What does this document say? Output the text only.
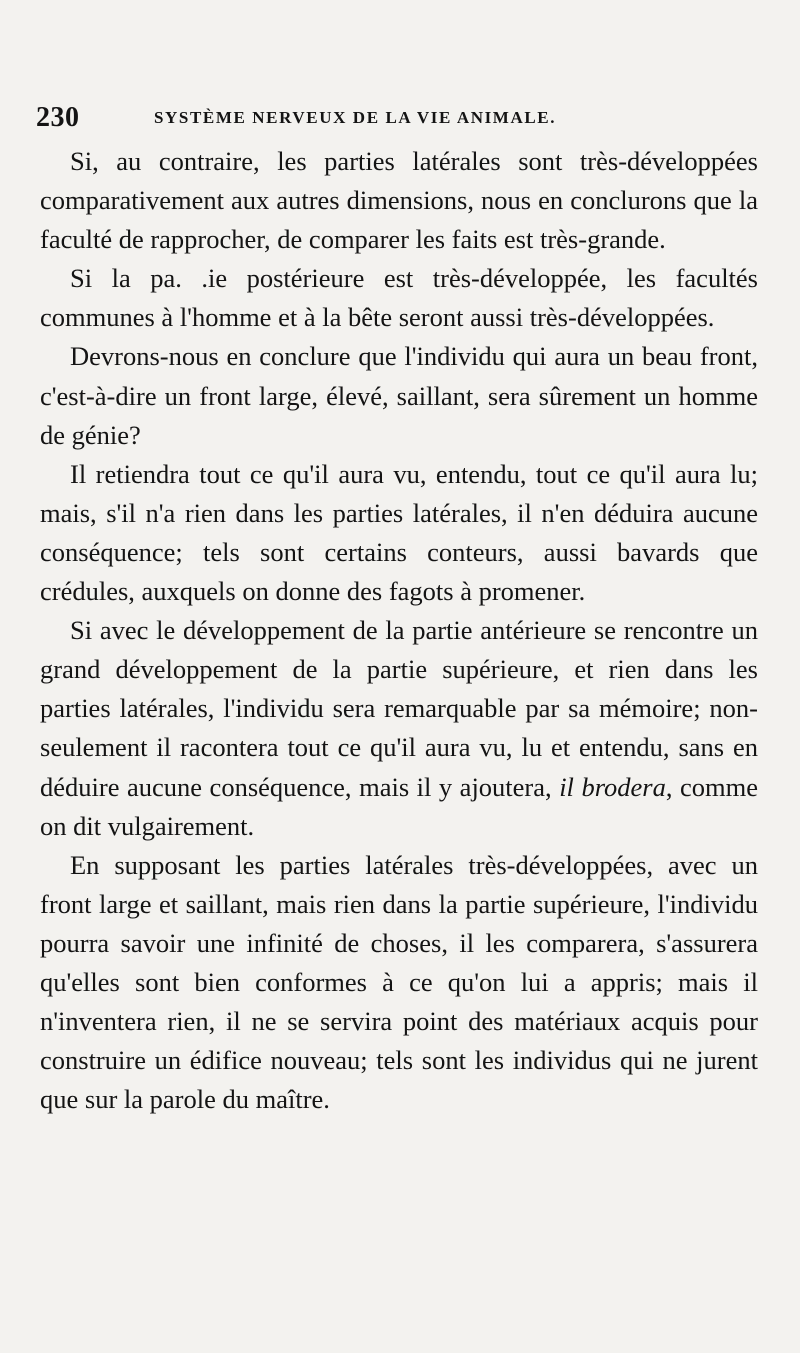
230	SYSTÈME NERVEUX DE LA VIE ANIMALE.

Si, au contraire, les parties latérales sont très-développées comparativement aux autres dimensions, nous en conclurons que la faculté de rapprocher, de comparer les faits est très-grande.

Si la pa. .ie postérieure est très-développée, les facultés communes à l'homme et à la bête seront aussi très-développées.

Devrons-nous en conclure que l'individu qui aura un beau front, c'est-à-dire un front large, élevé, saillant, sera sûrement un homme de génie?

Il retiendra tout ce qu'il aura vu, entendu, tout ce qu'il aura lu; mais, s'il n'a rien dans les parties latérales, il n'en déduira aucune conséquence; tels sont certains conteurs, aussi bavards que crédules, auxquels on donne des fagots à promener.

Si avec le développement de la partie antérieure se rencontre un grand développement de la partie supérieure, et rien dans les parties latérales, l'individu sera remarquable par sa mémoire; non-seulement il racontera tout ce qu'il aura vu, lu et entendu, sans en déduire aucune conséquence, mais il y ajoutera, il brodera, comme on dit vulgairement.

En supposant les parties latérales très-développées, avec un front large et saillant, mais rien dans la partie supérieure, l'individu pourra savoir une infinité de choses, il les comparera, s'assurera qu'elles sont bien conformes à ce qu'on lui a appris; mais il n'inventera rien, il ne se servira point des matériaux acquis pour construire un édifice nouveau; tels sont les individus qui ne jurent que sur la parole du maître.
